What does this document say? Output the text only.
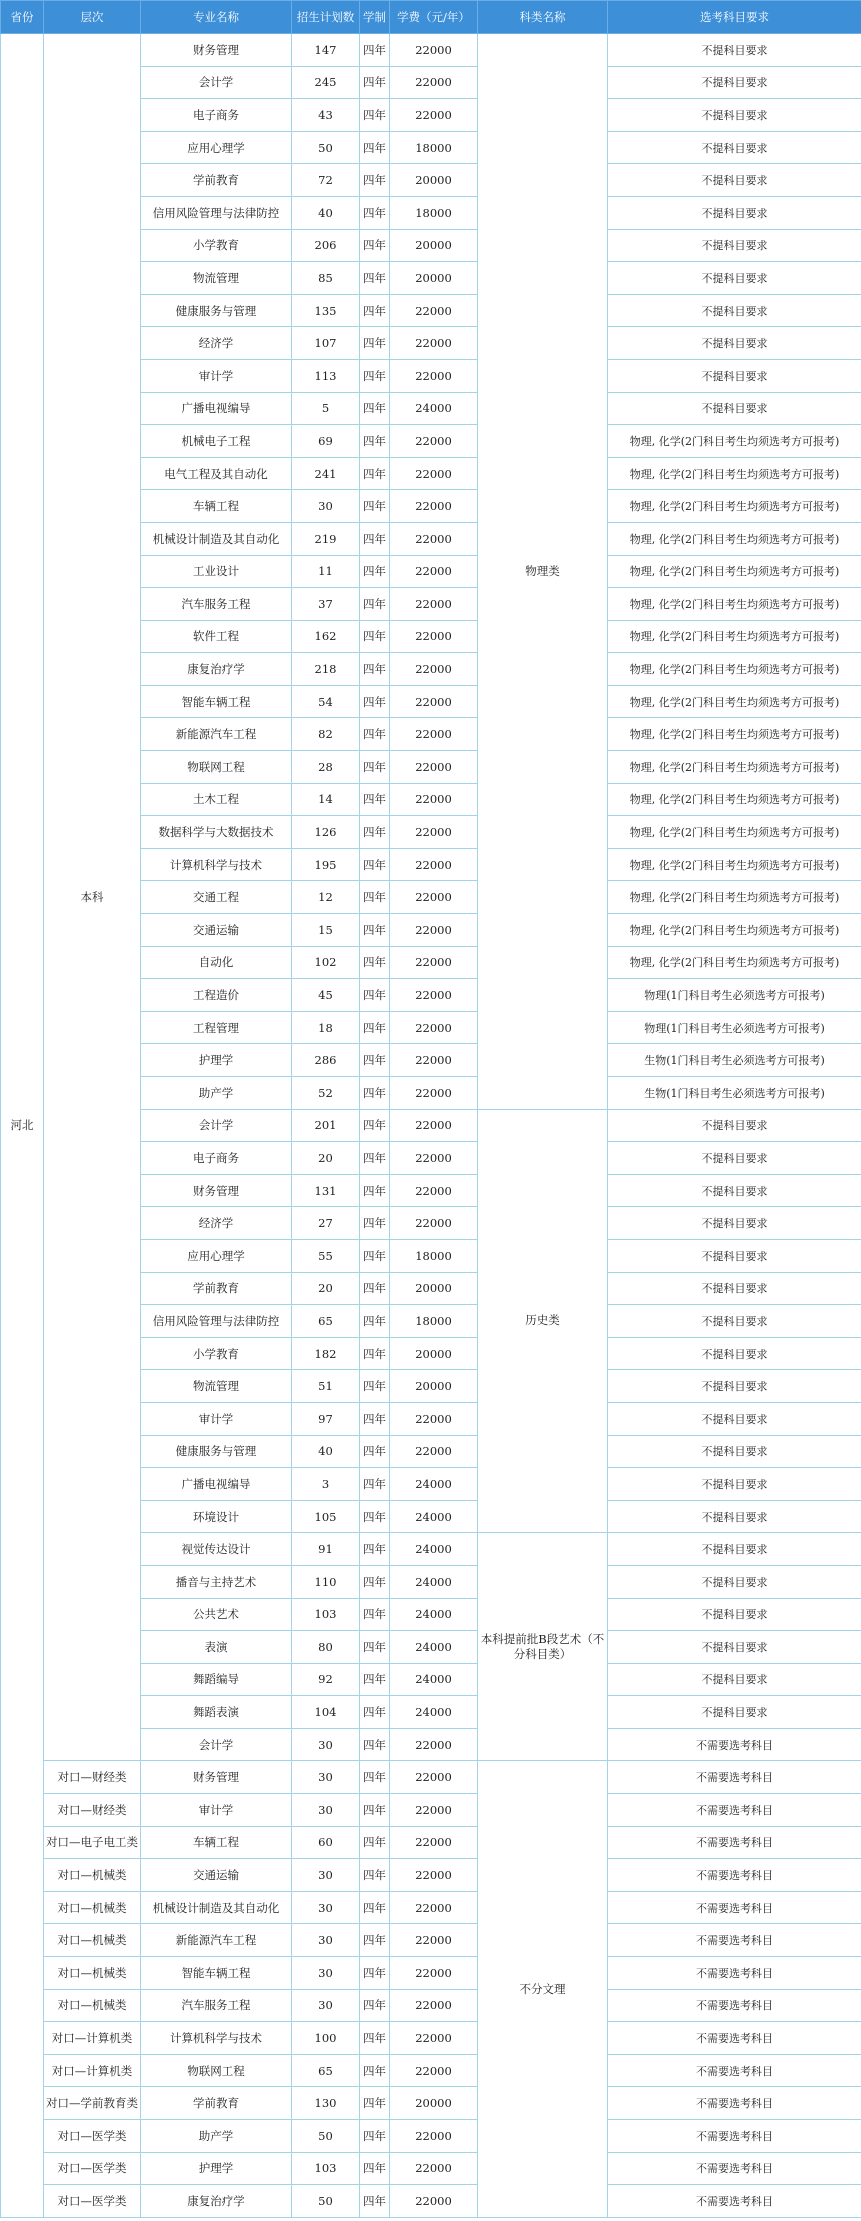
省份	层次	专业名称	招生计划数	学制	学费（元/年）	科类名称	选考科目要求
河北	本科	财务管理	147	四年	22000	物理类	不提科目要求
		会计学	245	四年	22000		不提科目要求
		电子商务	43	四年	22000		不提科目要求
		应用心理学	50	四年	18000		不提科目要求
		学前教育	72	四年	20000		不提科目要求
		信用风险管理与法律防控	40	四年	18000		不提科目要求
		小学教育	206	四年	20000		不提科目要求
		物流管理	85	四年	20000		不提科目要求
		健康服务与管理	135	四年	22000		不提科目要求
		经济学	107	四年	22000		不提科目要求
		审计学	113	四年	22000		不提科目要求
		广播电视编导	5	四年	24000		不提科目要求
		机械电子工程	69	四年	22000		物理, 化学(2门科目考生均须选考方可报考)
		电气工程及其自动化	241	四年	22000		物理, 化学(2门科目考生均须选考方可报考)
		车辆工程	30	四年	22000		物理, 化学(2门科目考生均须选考方可报考)
		机械设计制造及其自动化	219	四年	22000		物理, 化学(2门科目考生均须选考方可报考)
		工业设计	11	四年	22000		物理, 化学(2门科目考生均须选考方可报考)
		汽车服务工程	37	四年	22000		物理, 化学(2门科目考生均须选考方可报考)
		软件工程	162	四年	22000		物理, 化学(2门科目考生均须选考方可报考)
		康复治疗学	218	四年	22000		物理, 化学(2门科目考生均须选考方可报考)
		智能车辆工程	54	四年	22000		物理, 化学(2门科目考生均须选考方可报考)
		新能源汽车工程	82	四年	22000		物理, 化学(2门科目考生均须选考方可报考)
		物联网工程	28	四年	22000		物理, 化学(2门科目考生均须选考方可报考)
		土木工程	14	四年	22000		物理, 化学(2门科目考生均须选考方可报考)
		数据科学与大数据技术	126	四年	22000		物理, 化学(2门科目考生均须选考方可报考)
		计算机科学与技术	195	四年	22000		物理, 化学(2门科目考生均须选考方可报考)
		交通工程	12	四年	22000		物理, 化学(2门科目考生均须选考方可报考)
		交通运输	15	四年	22000		物理, 化学(2门科目考生均须选考方可报考)
		自动化	102	四年	22000		物理, 化学(2门科目考生均须选考方可报考)
		工程造价	45	四年	22000		物理(1门科目考生必须选考方可报考)
		工程管理	18	四年	22000		物理(1门科目考生必须选考方可报考)
		护理学	286	四年	22000		生物(1门科目考生必须选考方可报考)
		助产学	52	四年	22000		生物(1门科目考生必须选考方可报考)
		会计学	201	四年	22000	历史类	不提科目要求
		电子商务	20	四年	22000		不提科目要求
		财务管理	131	四年	22000		不提科目要求
		经济学	27	四年	22000		不提科目要求
		应用心理学	55	四年	18000		不提科目要求
		学前教育	20	四年	20000		不提科目要求
		信用风险管理与法律防控	65	四年	18000		不提科目要求
		小学教育	182	四年	20000		不提科目要求
		物流管理	51	四年	20000		不提科目要求
		审计学	97	四年	22000		不提科目要求
		健康服务与管理	40	四年	22000		不提科目要求
		广播电视编导	3	四年	24000		不提科目要求
		环境设计	105	四年	24000		不提科目要求
		视觉传达设计	91	四年	24000	本科提前批B段艺术（不分科目类）	不提科目要求
		播音与主持艺术	110	四年	24000		不提科目要求
		公共艺术	103	四年	24000		不提科目要求
		表演	80	四年	24000		不提科目要求
		舞蹈编导	92	四年	24000		不提科目要求
		舞蹈表演	104	四年	24000		不提科目要求
		会计学	30	四年	22000		不需要选考科目
	对口—财经类	财务管理	30	四年	22000	不分文理	不需要选考科目
	对口—财经类	审计学	30	四年	22000		不需要选考科目
	对口—电子电工类	车辆工程	60	四年	22000		不需要选考科目
	对口—机械类	交通运输	30	四年	22000		不需要选考科目
	对口—机械类	机械设计制造及其自动化	30	四年	22000		不需要选考科目
	对口—机械类	新能源汽车工程	30	四年	22000		不需要选考科目
	对口—机械类	智能车辆工程	30	四年	22000		不需要选考科目
	对口—机械类	汽车服务工程	30	四年	22000		不需要选考科目
	对口—计算机类	计算机科学与技术	100	四年	22000		不需要选考科目
	对口—计算机类	物联网工程	65	四年	22000		不需要选考科目
	对口—学前教育类	学前教育	130	四年	20000		不需要选考科目
	对口—医学类	助产学	50	四年	22000		不需要选考科目
	对口—医学类	护理学	103	四年	22000		不需要选考科目
	对口—医学类	康复治疗学	50	四年	22000		不需要选考科目
